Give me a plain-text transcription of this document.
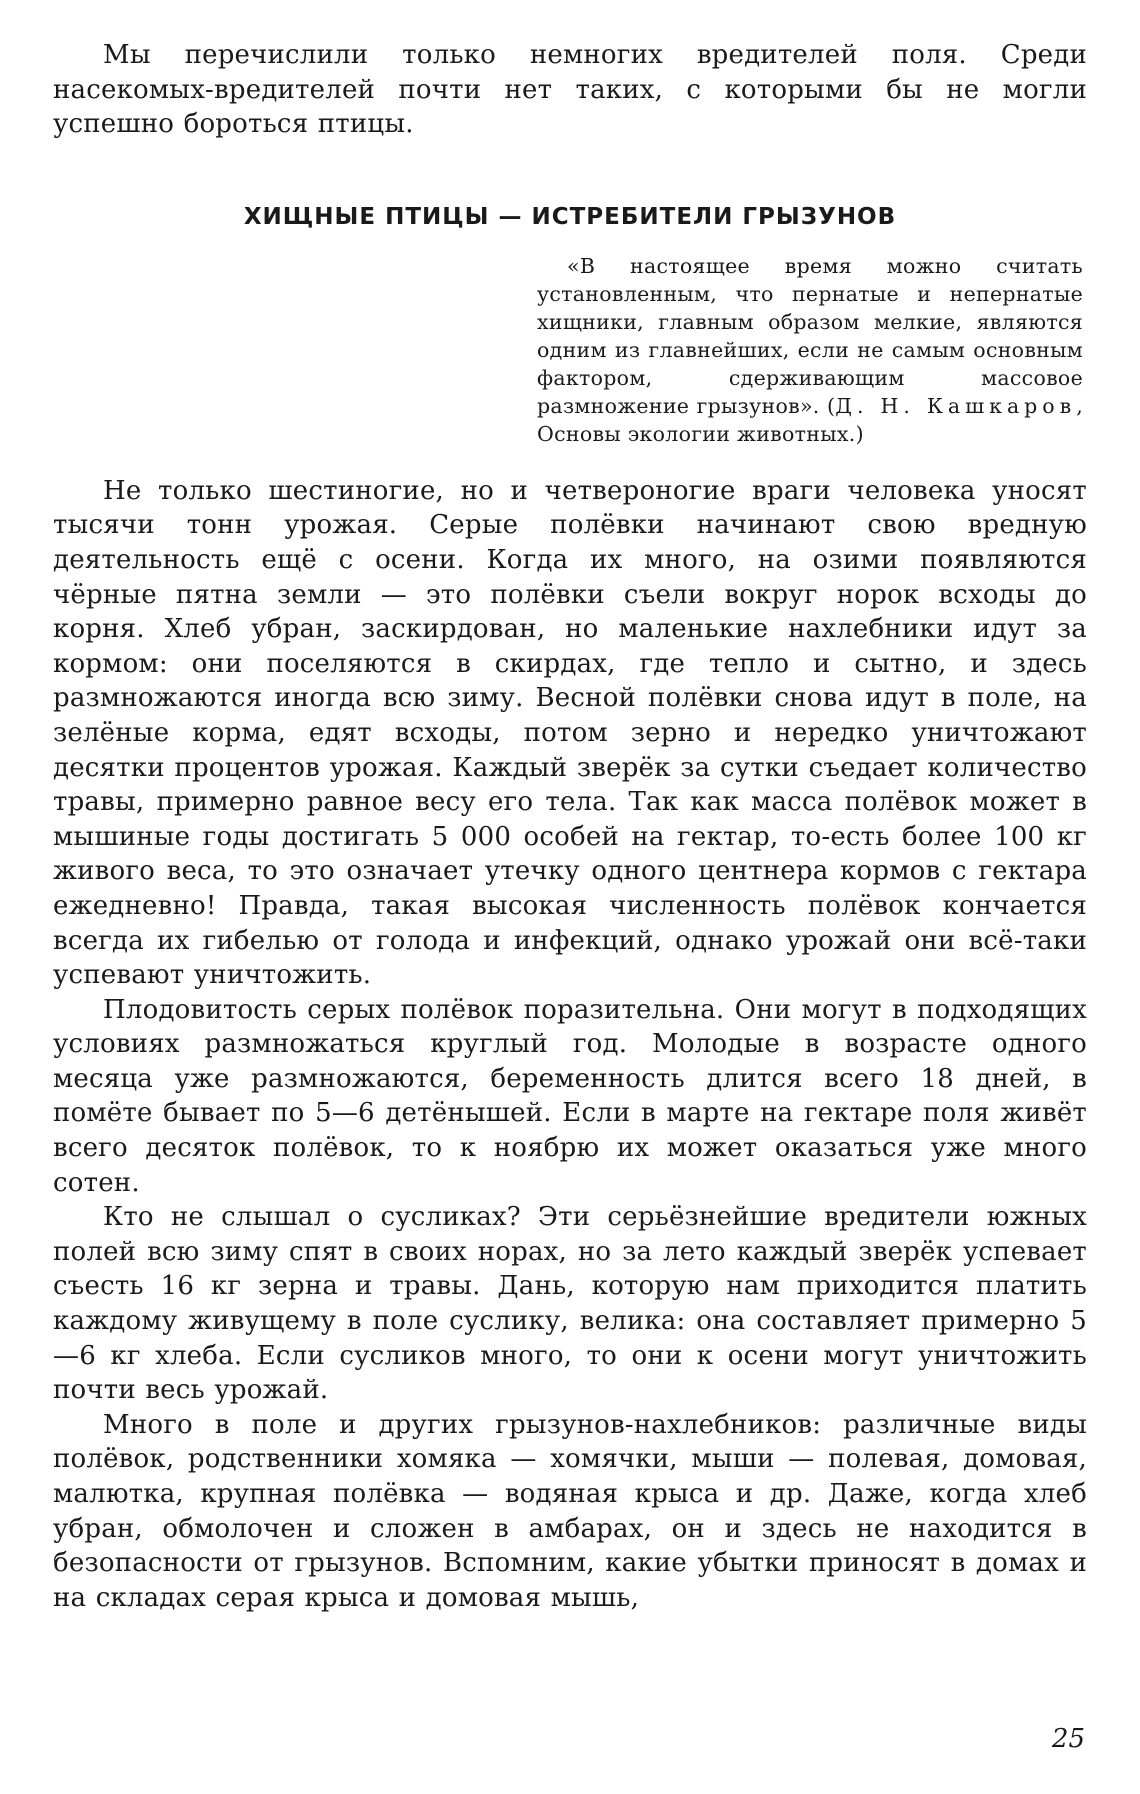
Мы перечислили только немногих вредителей поля. Среди насекомых-вредителей почти нет таких, с которыми бы не могли успешно бороться птицы.

ХИЩНЫЕ ПТИЦЫ — ИСТРЕБИТЕЛИ ГРЫЗУНОВ
«В настоящее время можно считать установленным, что пернатые и непернатые хищники, главным образом мелкие, являются одним из главнейших, если не самым основным фактором, сдерживающим массовое размножение грызунов». (Д. Н. Кашкаров, Основы экологии животных.)

Не только шестиногие, но и четвероногие враги человека уносят тысячи тонн урожая. Серые полёвки начинают свою вредную деятельность ещё с осени. Когда их много, на озими появляются чёрные пятна земли — это полёвки съели вокруг норок всходы до корня. Хлеб убран, заскирдован, но маленькие нахлебники идут за кормом: они поселяются в скирдах, где тепло и сытно, и здесь размножаются иногда всю зиму. Весной полёвки снова идут в поле, на зелёные корма, едят всходы, потом зерно и нередко уничтожают десятки процентов урожая. Каждый зверёк за сутки съедает количество травы, примерно равное весу его тела. Так как масса полёвок может в мышиные годы достигать 5 000 особей на гектар, то-есть более 100 кг живого веса, то это означает утечку одного центнера кормов с гектара ежедневно! Правда, такая высокая численность полёвок кончается всегда их гибелью от голода и инфекций, однако урожай они всё-таки успевают уничтожить.

Плодовитость серых полёвок поразительна. Они могут в подходящих условиях размножаться круглый год. Молодые в возрасте одного месяца уже размножаются, беременность длится всего 18 дней, в помёте бывает по 5—6 детёнышей. Если в марте на гектаре поля живёт всего десяток полёвок, то к ноябрю их может оказаться уже много сотен.

Кто не слышал о сусликах? Эти серьёзнейшие вредители южных полей всю зиму спят в своих норах, но за лето каждый зверёк успевает съесть 16 кг зерна и травы. Дань, которую нам приходится платить каждому живущему в поле суслику, велика: она составляет примерно 5—6 кг хлеба. Если сусликов много, то они к осени могут уничтожить почти весь урожай.

Много в поле и других грызунов-нахлебников: различные виды полёвок, родственники хомяка — хомячки, мыши — полевая, домовая, малютка, крупная полёвка — водяная крыса и др. Даже, когда хлеб убран, обмолочен и сложен в амбарах, он и здесь не находится в безопасности от грызунов. Вспомним, какие убытки приносят в домах и на складах серая крыса и домовая мышь,

25
